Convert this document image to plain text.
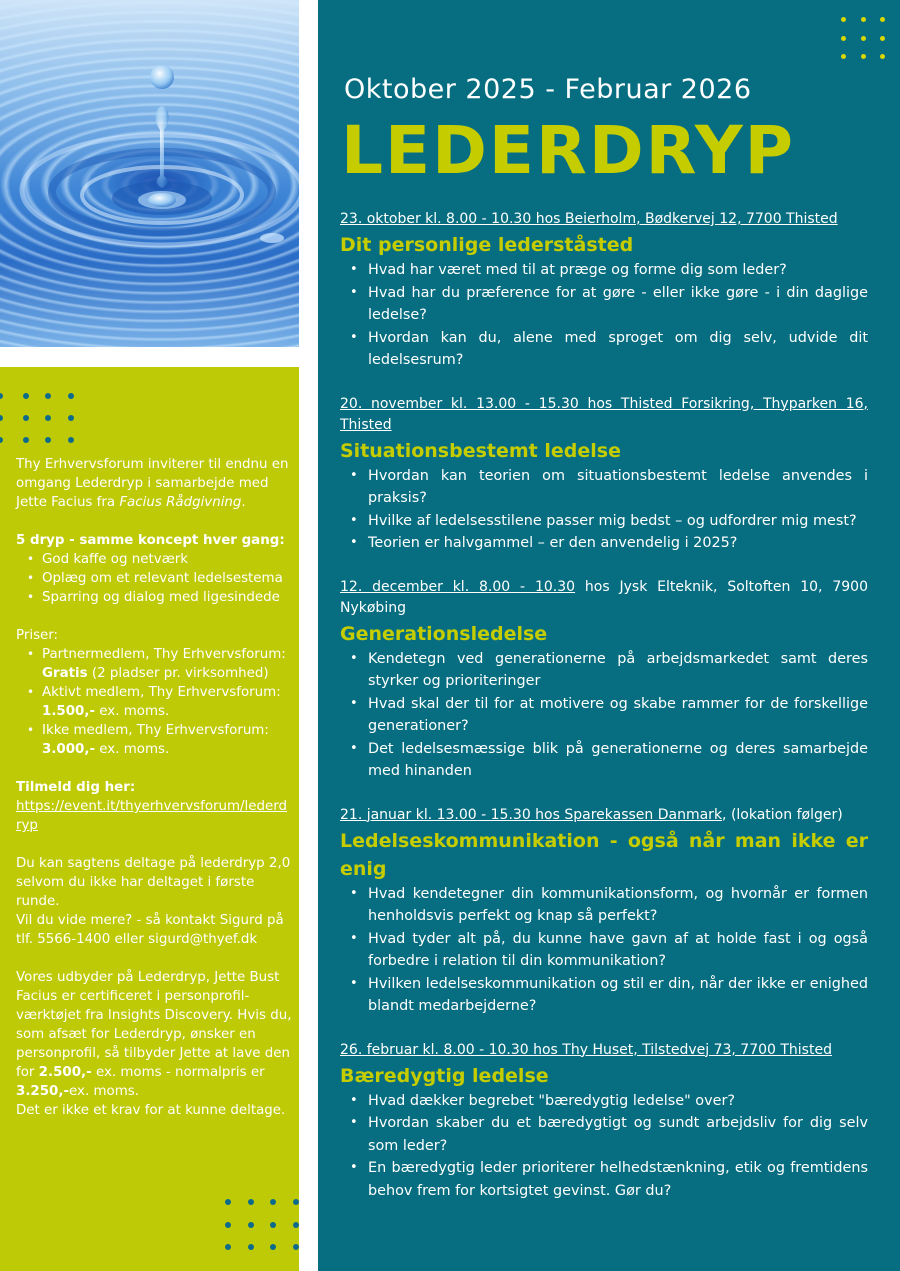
Thy Erhvervsforum inviterer til endnu en omgang Lederdryp i samarbejde med Jette Facius fra Facius Rådgivning.

5 dryp - samme koncept hver gang:

• God kaffe og netværk
• Oplæg om et relevant ledelsestema
• Sparring og dialog med ligesindede

Priser:

• Partnermedlem, Thy Erhvervsforum: Gratis (2 pladser pr. virksomhed)
• Aktivt medlem, Thy Erhvervsforum: 1.500,- ex. moms.
• Ikke medlem, Thy Erhvervsforum: 3.000,- ex. moms.

Tilmeld dig her:

https://event.it/thyerhvervsforum/lederdryp

Du kan sagtens deltage på lederdryp 2,0 selvom du ikke har deltaget i første runde.

Vil du vide mere? - så kontakt Sigurd på tlf. 5566-1400 eller sigurd@thyef.dk

Vores udbyder på Lederdryp, Jette Bust Facius er certificeret i personprofil-værktøjet fra Insights Discovery. Hvis du, som afsæt for Lederdryp, ønsker en personprofil, så tilbyder Jette at lave den for 2.500,- ex. moms - normalpris er 3.250,-ex. moms.

Det er ikke et krav for at kunne deltage.

Oktober 2025 - Februar 2026
LEDERDRYP
23. oktober kl. 8.00 - 10.30 hos Beierholm, Bødkervej 12, 7700 Thisted
Dit personlige lederståsted
• Hvad har været med til at præge og forme dig som leder?
• Hvad har du præference for at gøre - eller ikke gøre - i din daglige ledelse?
• Hvordan kan du, alene med sproget om dig selv, udvide dit ledelsesrum?
20. november kl. 13.00 - 15.30 hos Thisted Forsikring, Thyparken 16, Thisted
Situationsbestemt ledelse
• Hvordan kan teorien om situationsbestemt ledelse anvendes i praksis?
• Hvilke af ledelsesstilene passer mig bedst – og udfordrer mig mest?
• Teorien er halvgammel – er den anvendelig i 2025?
12. december kl. 8.00 - 10.30 hos Jysk Elteknik, Soltoften 10, 7900 Nykøbing
Generationsledelse
• Kendetegn ved generationerne på arbejdsmarkedet samt deres styrker og prioriteringer
• Hvad skal der til for at motivere og skabe rammer for de forskellige generationer?
• Det ledelsesmæssige blik på generationerne og deres samarbejde med hinanden
21. januar kl. 13.00 - 15.30 hos Sparekassen Danmark, (lokation følger)
Ledelseskommunikation - også når man ikke er enig
• Hvad kendetegner din kommunikationsform, og hvornår er formen henholdsvis perfekt og knap så perfekt?
• Hvad tyder alt på, du kunne have gavn af at holde fast i og også forbedre i relation til din kommunikation?
• Hvilken ledelseskommunikation og stil er din, når der ikke er enighed blandt medarbejderne?
26. februar kl. 8.00 - 10.30 hos Thy Huset, Tilstedvej 73, 7700 Thisted
Bæredygtig ledelse
• Hvad dækker begrebet "bæredygtig ledelse" over?
• Hvordan skaber du et bæredygtigt og sundt arbejdsliv for dig selv som leder?
• En bæredygtig leder prioriterer helhedstænkning, etik og fremtidens behov frem for kortsigtet gevinst. Gør du?
